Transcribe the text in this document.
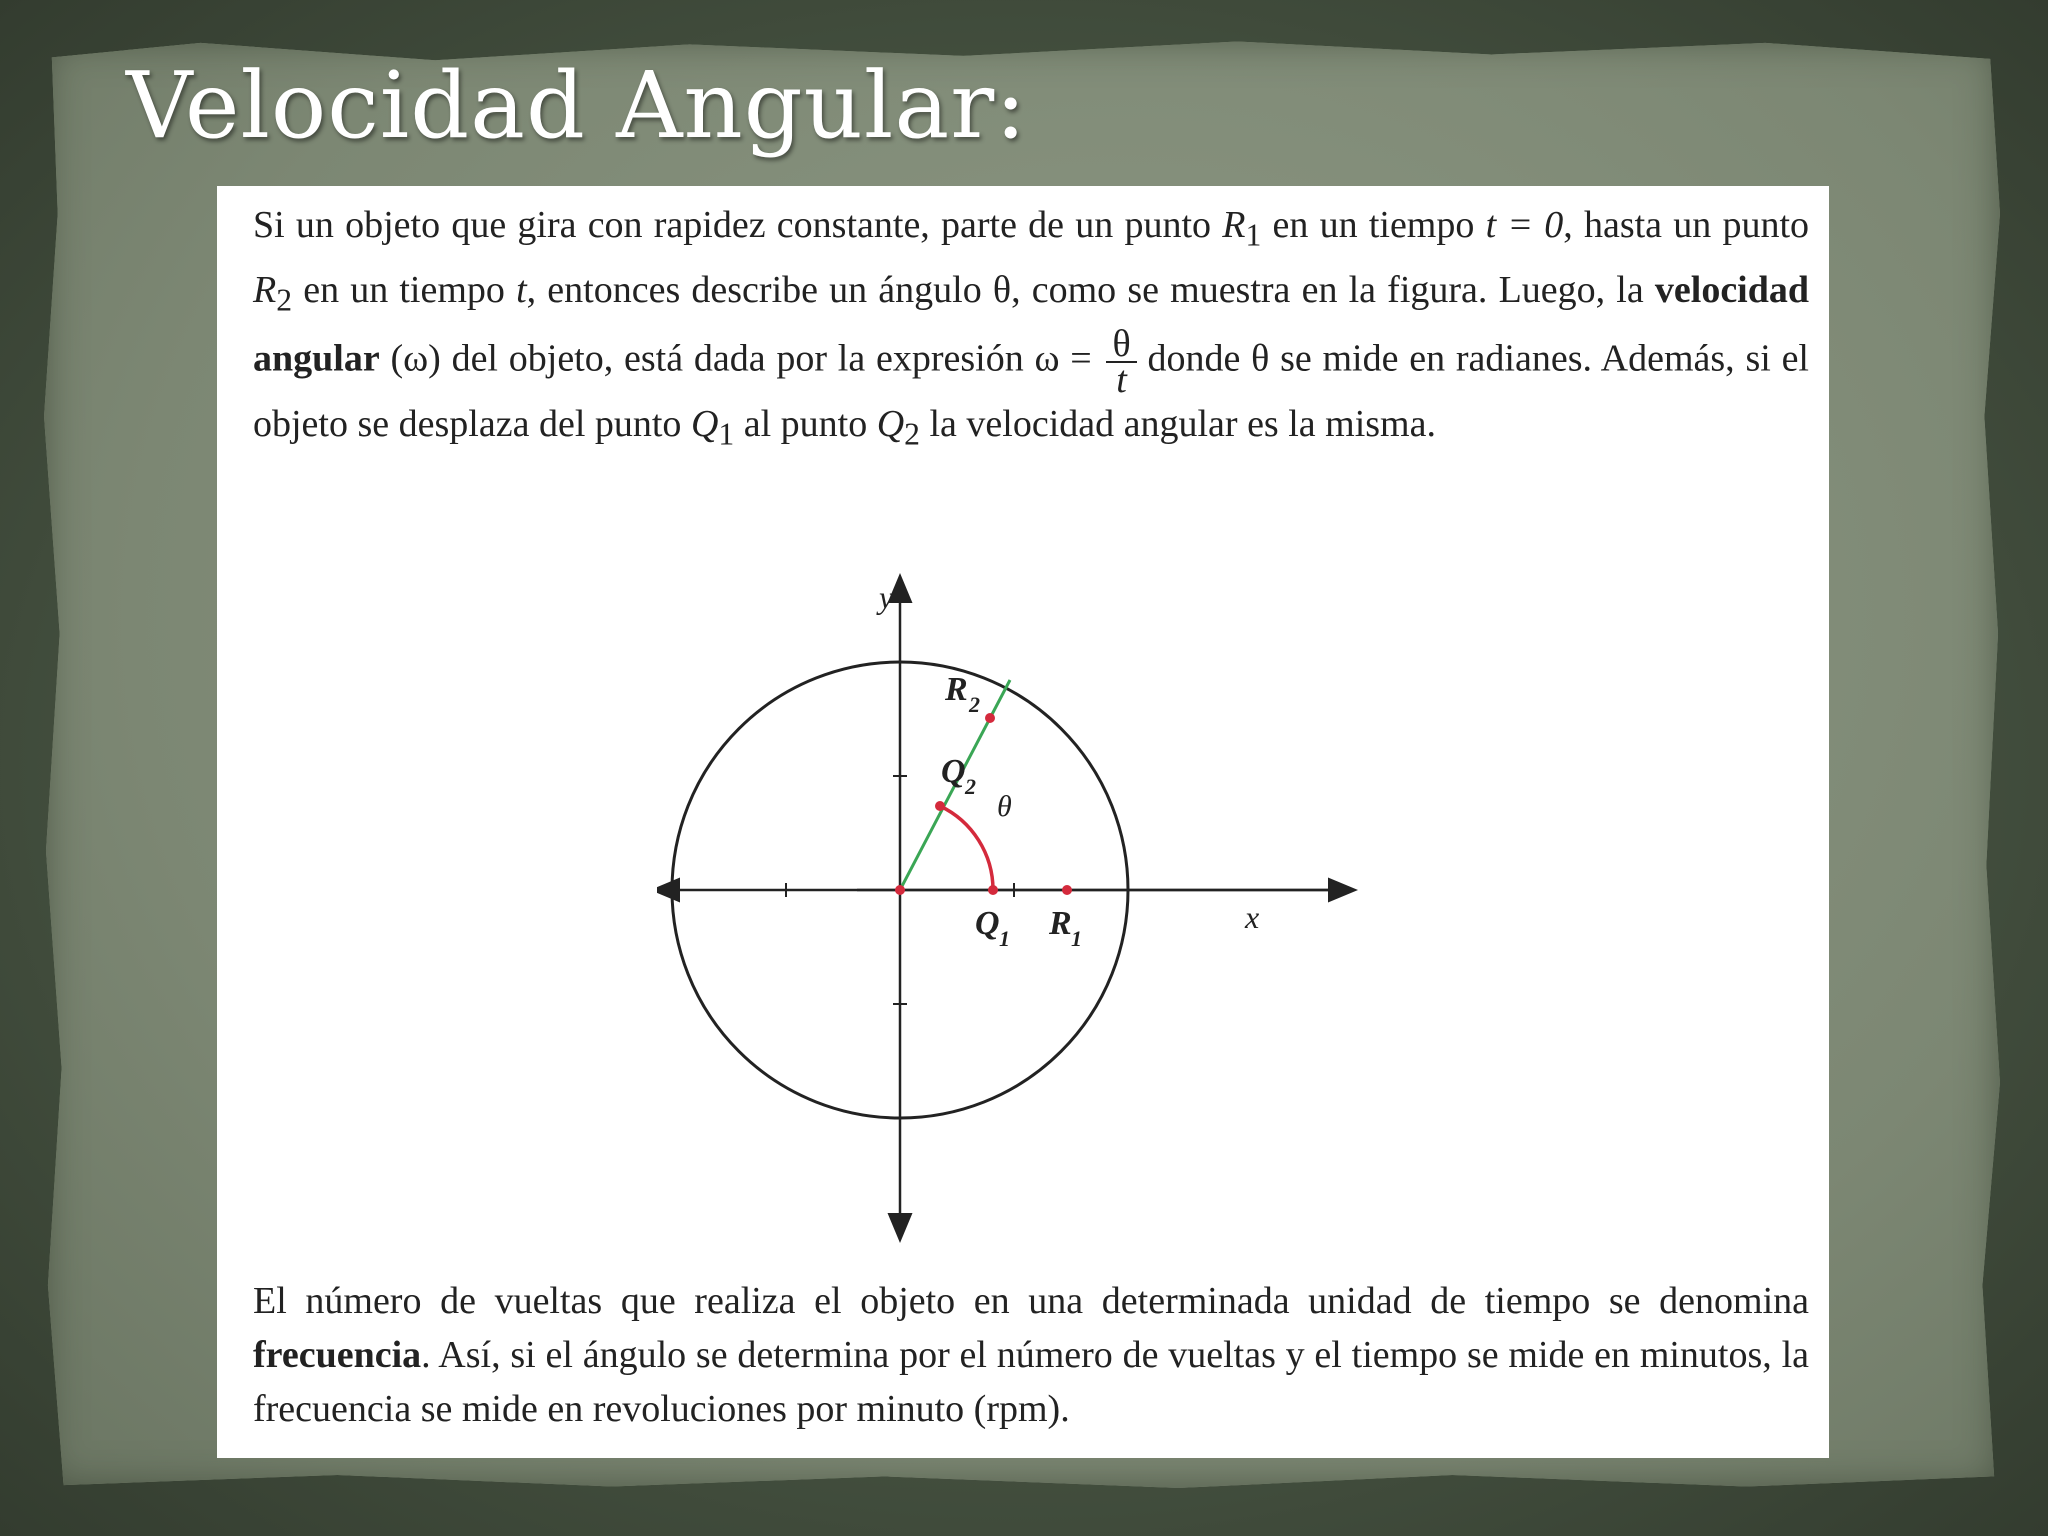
Velocidad Angular:

Si un objeto que gira con rapidez constante, parte de un punto $R_1$ en un tiempo t = 0, hasta un punto $R_2$ en un tiempo t, entonces describe un ángulo θ, como se muestra en la figura. Luego, la velocidad angular (ω) del objeto, está dada por la expresión $\omega = \frac{\theta}{t}$ donde θ se mide en radianes. Además, si el objeto se desplaza del punto $Q_1$ al punto $Q_2$ la velocidad angular es la misma.

y
x
R 2
Q 2
θ
Q 1 R 1

El número de vueltas que realiza el objeto en una determinada unidad de tiempo se denomina frecuencia. Así, si el ángulo se determina por el número de vueltas y el tiempo se mide en minutos, la frecuencia se mide en revoluciones por minuto (rpm).
